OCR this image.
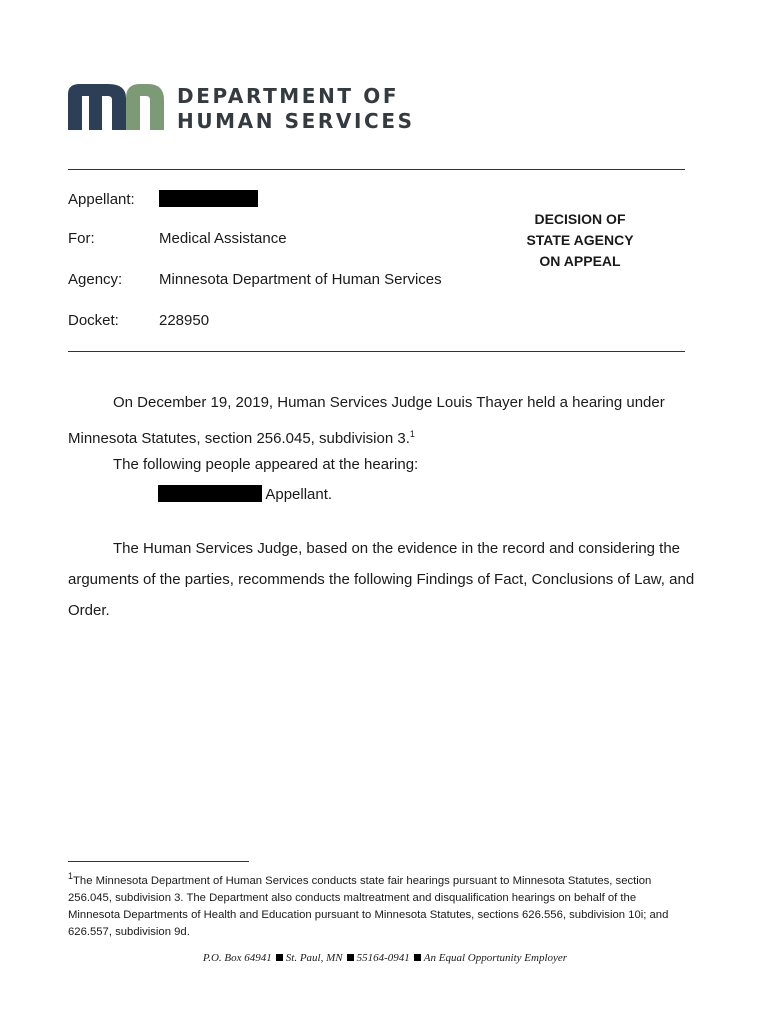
DEPARTMENT OF
HUMAN SERVICES
Appellant:
For:	Medical Assistance
Agency: Minnesota Department of Human Services
Docket:	228950
DECISION OF
STATE AGENCY
ON APPEAL
On December 19, 2019, Human Services Judge Louis Thayer held a hearing under
Minnesota Statutes, section 256.045, subdivision 3.$^1$
The following people appeared at the hearing:
Appellant.
The Human Services Judge, based on the evidence in the record and considering the
arguments of the parties, recommends the following Findings of Fact, Conclusions of Law, and
Order.
$^1$The Minnesota Department of Human Services conducts state fair hearings pursuant to Minnesota Statutes, section
256.045, subdivision 3. The Department also conducts maltreatment and disqualification hearings on behalf of the
Minnesota Departments of Health and Education pursuant to Minnesota Statutes, sections 626.556, subdivision 10i; and
626.557, subdivision 9d.
P.O. Box 64941 St. Paul, MN 55164-0941 An Equal Opportunity Employer
